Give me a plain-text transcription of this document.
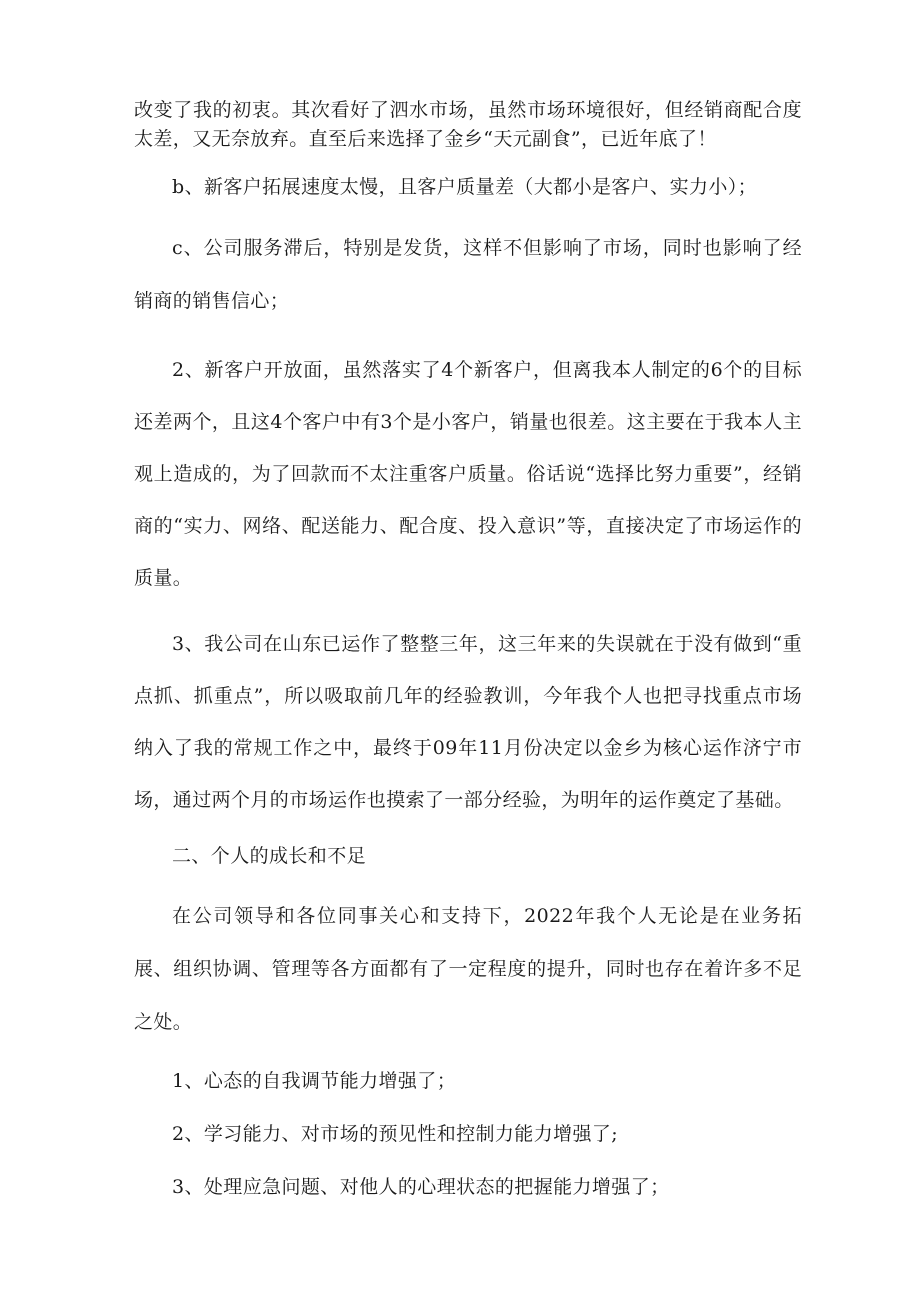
改变了我的初衷。其次看好了泗水市场，虽然市场环境很好，但经销商配合度太差，又无奈放弃。直至后来选择了金乡“天元副食”，已近年底了！

b、新客户拓展速度太慢，且客户质量差（大都小是客户、实力小）；

c、公司服务滞后，特别是发货，这样不但影响了市场，同时也影响了经销商的销售信心；

2、新客户开放面，虽然落实了4个新客户，但离我本人制定的6个的目标还差两个，且这4个客户中有3个是小客户，销量也很差。这主要在于我本人主观上造成的，为了回款而不太注重客户质量。俗话说“选择比努力重要”，经销商的“实力、网络、配送能力、配合度、投入意识”等，直接决定了市场运作的质量。

3、我公司在山东已运作了整整三年，这三年来的失误就在于没有做到“重点抓、抓重点”，所以吸取前几年的经验教训，今年我个人也把寻找重点市场纳入了我的常规工作之中，最终于09年11月份决定以金乡为核心运作济宁市场，通过两个月的市场运作也摸索了一部分经验，为明年的运作奠定了基础。

二、个人的成长和不足

在公司领导和各位同事关心和支持下，2022年我个人无论是在业务拓展、组织协调、管理等各方面都有了一定程度的提升，同时也存在着许多不足之处。

1、心态的自我调节能力增强了；

2、学习能力、对市场的预见性和控制力能力增强了;

3、处理应急问题、对他人的心理状态的把握能力增强了；
